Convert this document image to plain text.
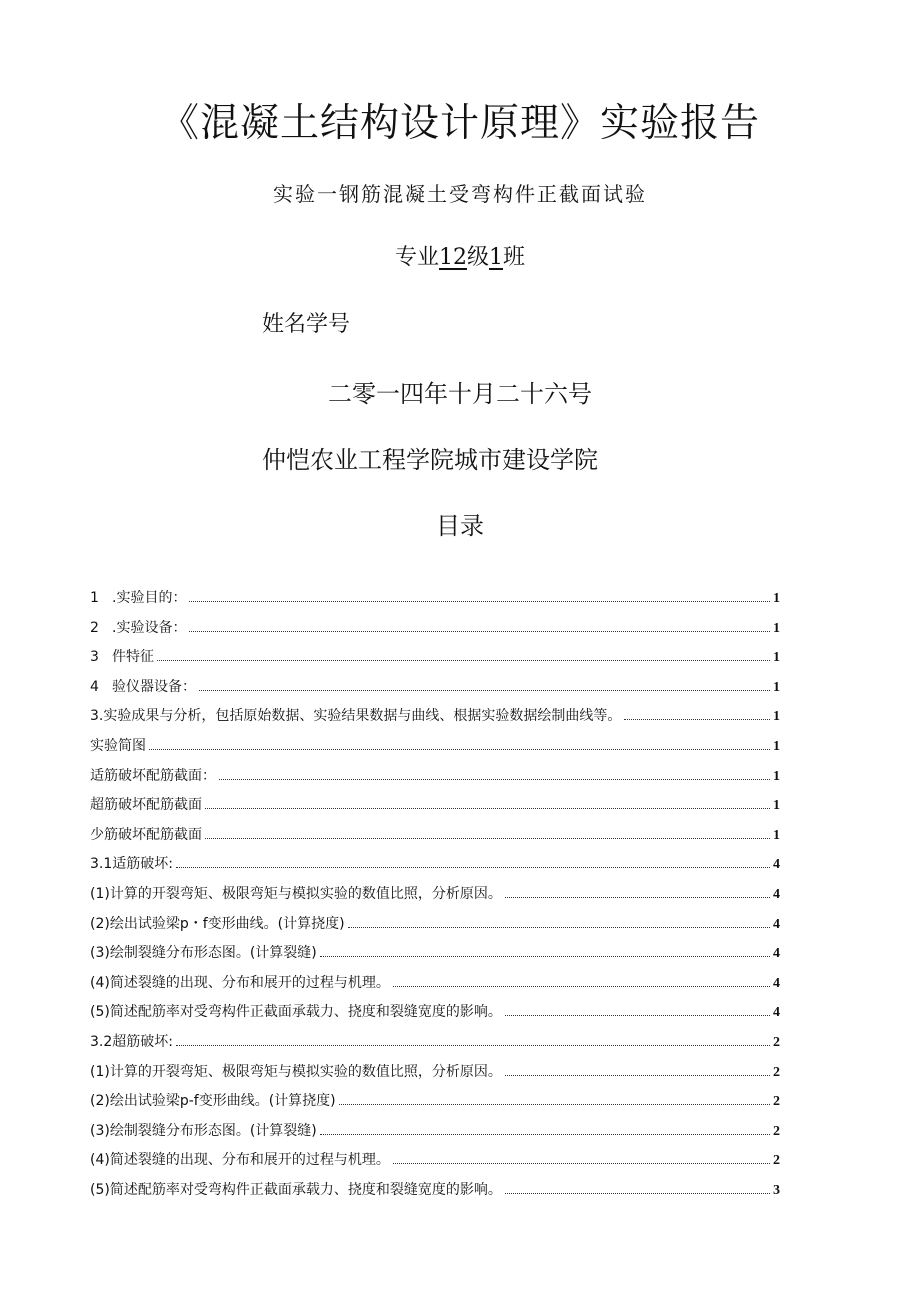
《混凝土结构设计原理》实验报告
实验一钢筋混凝土受弯构件正截面试验
专业12级1班
姓名学号
二零一四年十月二十六号
仲恺农业工程学院城市建设学院
目录
1 .实验目的：	1
2 .实验设备：	1
3 件特征	1
4 验仪器设备：	1
3.实验成果与分析，包括原始数据、实验结果数据与曲线、根据实验数据绘制曲线等。	1
实验简图	1
适筋破坏配筋截面：	1
超筋破坏配筋截面	1
少筋破坏配筋截面	1
3.1适筋破坏:	4
(1)计算的开裂弯矩、极限弯矩与模拟实验的数值比照，分析原因。	4
(2)绘出试验梁p・f变形曲线。(计算挠度)	4
(3)绘制裂缝分布形态图。(计算裂缝)	4
(4)简述裂缝的出现、分布和展开的过程与机理。	4
(5)简述配筋率对受弯构件正截面承载力、挠度和裂缝宽度的影响。	4
3.2超筋破坏:	2
(1)计算的开裂弯矩、极限弯矩与模拟实验的数值比照，分析原因。	2
(2)绘出试验梁p-f变形曲线。(计算挠度)	2
(3)绘制裂缝分布形态图。(计算裂缝)	2
(4)简述裂缝的出现、分布和展开的过程与机理。	2
(5)简述配筋率对受弯构件正截面承载力、挠度和裂缝宽度的影响。	3
